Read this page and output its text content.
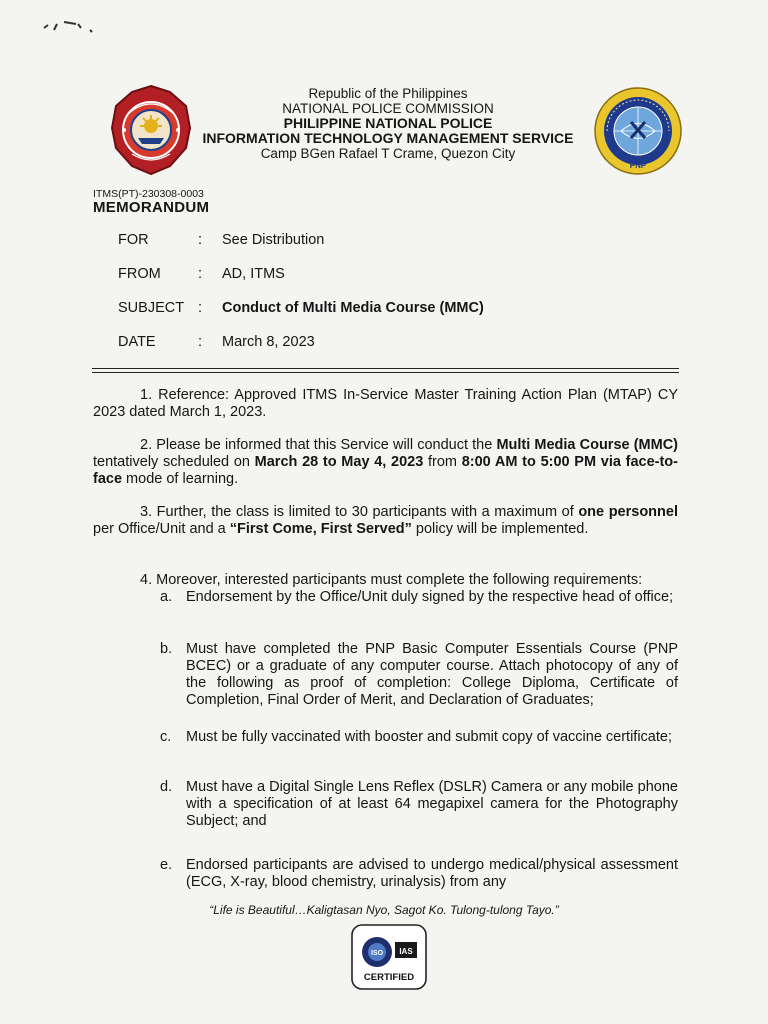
Republic of the Philippines
NATIONAL POLICE COMMISSION
PHILIPPINE NATIONAL POLICE
INFORMATION TECHNOLOGY MANAGEMENT SERVICE
Camp BGen Rafael T Crame, Quezon City
PNP
ITMS(PT)-230308-0003
MEMORANDUM
FOR	: See Distribution
FROM	: AD, ITMS
SUBJECT : Conduct of Multi Media Course (MMC)
DATE	: March 8, 2023
1. Reference: Approved ITMS In-Service Master Training Action Plan (MTAP) CY 2023 dated March 1, 2023.
2. Please be informed that this Service will conduct the Multi Media Course (MMC) tentatively scheduled on March 28 to May 4, 2023 from 8:00 AM to 5:00 PM via face-to-face mode of learning.
3. Further, the class is limited to 30 participants with a maximum of one personnel per Office/Unit and a “First Come, First Served” policy will be implemented.
4. Moreover, interested participants must complete the following requirements:
a. Endorsement by the Office/Unit duly signed by the respective head of office;
b. Must have completed the PNP Basic Computer Essentials Course (PNP BCEC) or a graduate of any computer course. Attach photocopy of any of the following as proof of completion: College Diploma, Certificate of Completion, Final Order of Merit, and Declaration of Graduates;
c. Must be fully vaccinated with booster and submit copy of vaccine certificate;
d. Must have a Digital Single Lens Reflex (DSLR) Camera or any mobile phone with a specification of at least 64 megapixel camera for the Photography Subject; and
e. Endorsed participants are advised to undergo medical/physical assessment (ECG, X-ray, blood chemistry, urinalysis) from any
“Life is Beautiful…Kaligtasan Nyo, Sagot Ko. Tulong-tulong Tayo.”
ISO IAS
CERTIFIED
